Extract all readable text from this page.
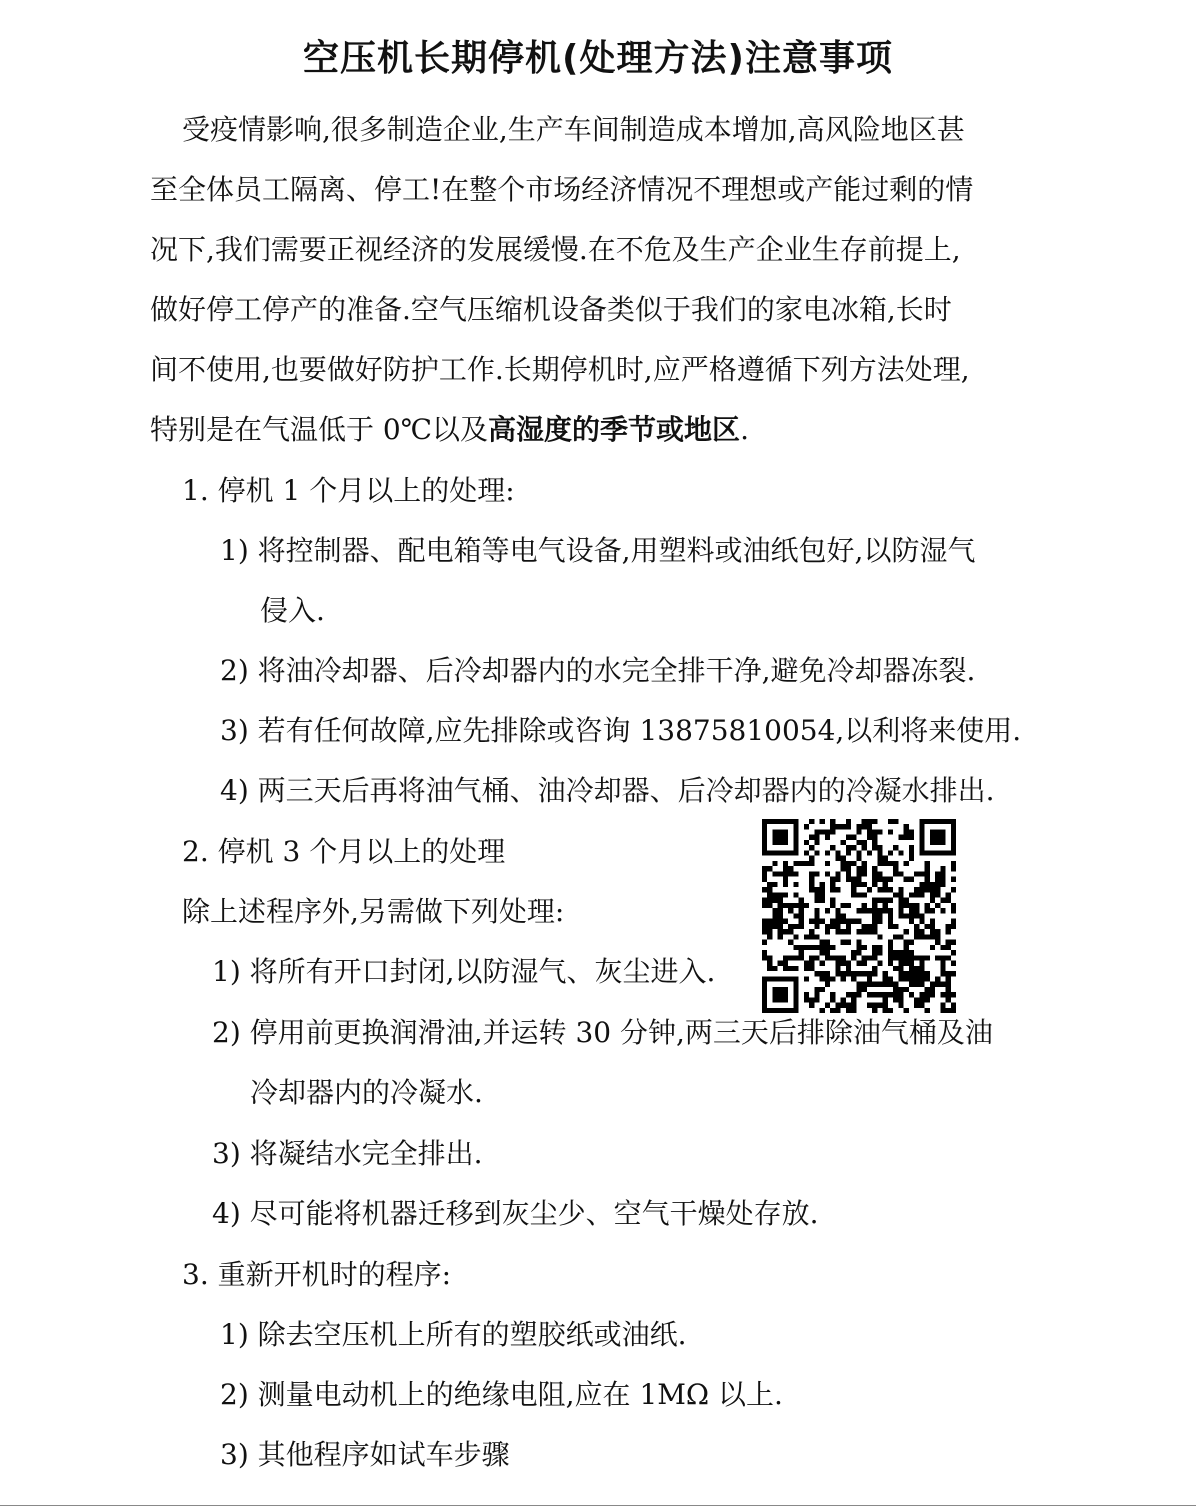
空压机长期停机(处理方法)注意事项
受疫情影响,很多制造企业,生产车间制造成本增加,高风险地区甚
至全体员工隔离、停工!在整个市场经济情况不理想或产能过剩的情
况下,我们需要正视经济的发展缓慢.在不危及生产企业生存前提上,
做好停工停产的准备.空气压缩机设备类似于我们的家电冰箱,长时
间不使用,也要做好防护工作.长期停机时,应严格遵循下列方法处理,
特别是在气温低于 0℃以及高湿度的季节或地区.
1. 停机 1 个月以上的处理:
1) 将控制器、配电箱等电气设备,用塑料或油纸包好,以防湿气
侵入.
2) 将油冷却器、后冷却器内的水完全排干净,避免冷却器冻裂.
3) 若有任何故障,应先排除或咨询 13875810054,以利将来使用.
4) 两三天后再将油气桶、油冷却器、后冷却器内的冷凝水排出.
2. 停机 3 个月以上的处理
除上述程序外,另需做下列处理:
1) 将所有开口封闭,以防湿气、灰尘进入.
2) 停用前更换润滑油,并运转 30 分钟,两三天后排除油气桶及油
冷却器内的冷凝水.
3) 将凝结水完全排出.
4) 尽可能将机器迁移到灰尘少、空气干燥处存放.
3. 重新开机时的程序:
1) 除去空压机上所有的塑胶纸或油纸.
2) 测量电动机上的绝缘电阻,应在 1MΩ 以上.
3) 其他程序如试车步骤
